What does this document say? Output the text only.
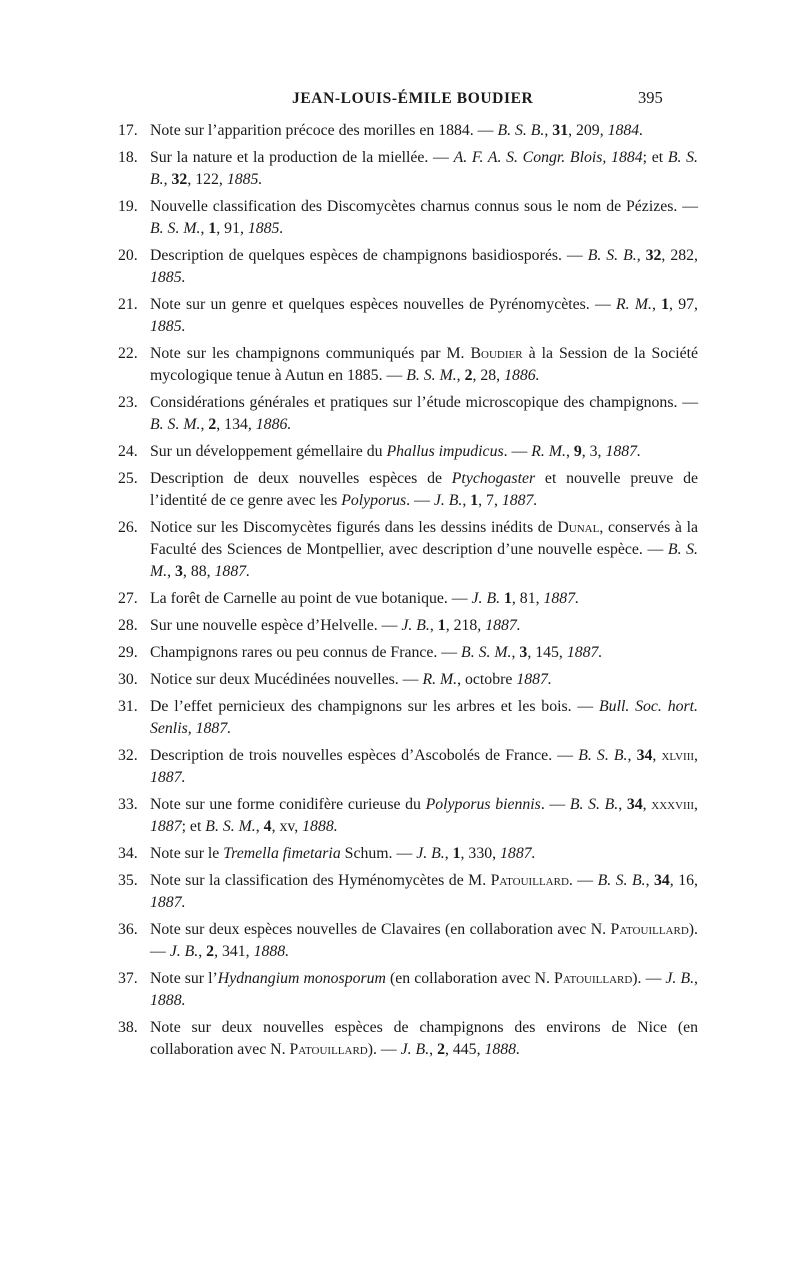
JEAN-LOUIS-ÉMILE BOUDIER	395
17. Note sur l’apparition précoce des morilles en 1884. — B. S. B., 31, 209, 1884.
18. Sur la nature et la production de la miellée. — A. F. A. S. Congr. Blois, 1884; et B. S. B., 32, 122, 1885.
19. Nouvelle classification des Discomycètes charnus connus sous le nom de Pézizes. — B. S. M., 1, 91, 1885.
20. Description de quelques espèces de champignons basidiosporés. — B. S. B., 32, 282, 1885.
21. Note sur un genre et quelques espèces nouvelles de Pyrénomycètes. — R. M., 1, 97, 1885.
22. Note sur les champignons communiqués par M. Boudier à la Session de la Société mycologique tenue à Autun en 1885. — B. S. M., 2, 28, 1886.
23. Considérations générales et pratiques sur l’étude microscopique des champignons. — B. S. M., 2, 134, 1886.
24. Sur un développement gémellaire du Phallus impudicus. — R. M., 9, 3, 1887.
25. Description de deux nouvelles espèces de Ptychogaster et nouvelle preuve de l’identité de ce genre avec les Polyporus. — J. B., 1, 7, 1887.
26. Notice sur les Discomycètes figurés dans les dessins inédits de Dunal, conservés à la Faculté des Sciences de Montpellier, avec description d’une nouvelle espèce. — B. S. M., 3, 88, 1887.
27. La forêt de Carnelle au point de vue botanique. — J. B. 1, 81, 1887.
28. Sur une nouvelle espèce d’Helvelle. — J. B., 1, 218, 1887.
29. Champignons rares ou peu connus de France. — B. S. M., 3, 145, 1887.
30. Notice sur deux Mucédinées nouvelles. — R. M., octobre 1887.
31. De l’effet pernicieux des champignons sur les arbres et les bois. — Bull. Soc. hort. Senlis, 1887.
32. Description de trois nouvelles espèces d’Ascobolés de France. — B. S. B., 34, xlviii, 1887.
33. Note sur une forme conidifère curieuse du Polyporus biennis. — B. S. B., 34, xxxviii, 1887; et B. S. M., 4, xv, 1888.
34. Note sur le Tremella fimetaria Schum. — J. B., 1, 330, 1887.
35. Note sur la classification des Hyménomycètes de M. Patouillard. — B. S. B., 34, 16, 1887.
36. Note sur deux espèces nouvelles de Clavaires (en collaboration avec N. Patouillard). — J. B., 2, 341, 1888.
37. Note sur l’Hydnangium monosporum (en collaboration avec N. Patouillard). — J. B., 1888.
38. Note sur deux nouvelles espèces de champignons des environs de Nice (en collaboration avec N. Patouillard). — J. B., 2, 445, 1888.
